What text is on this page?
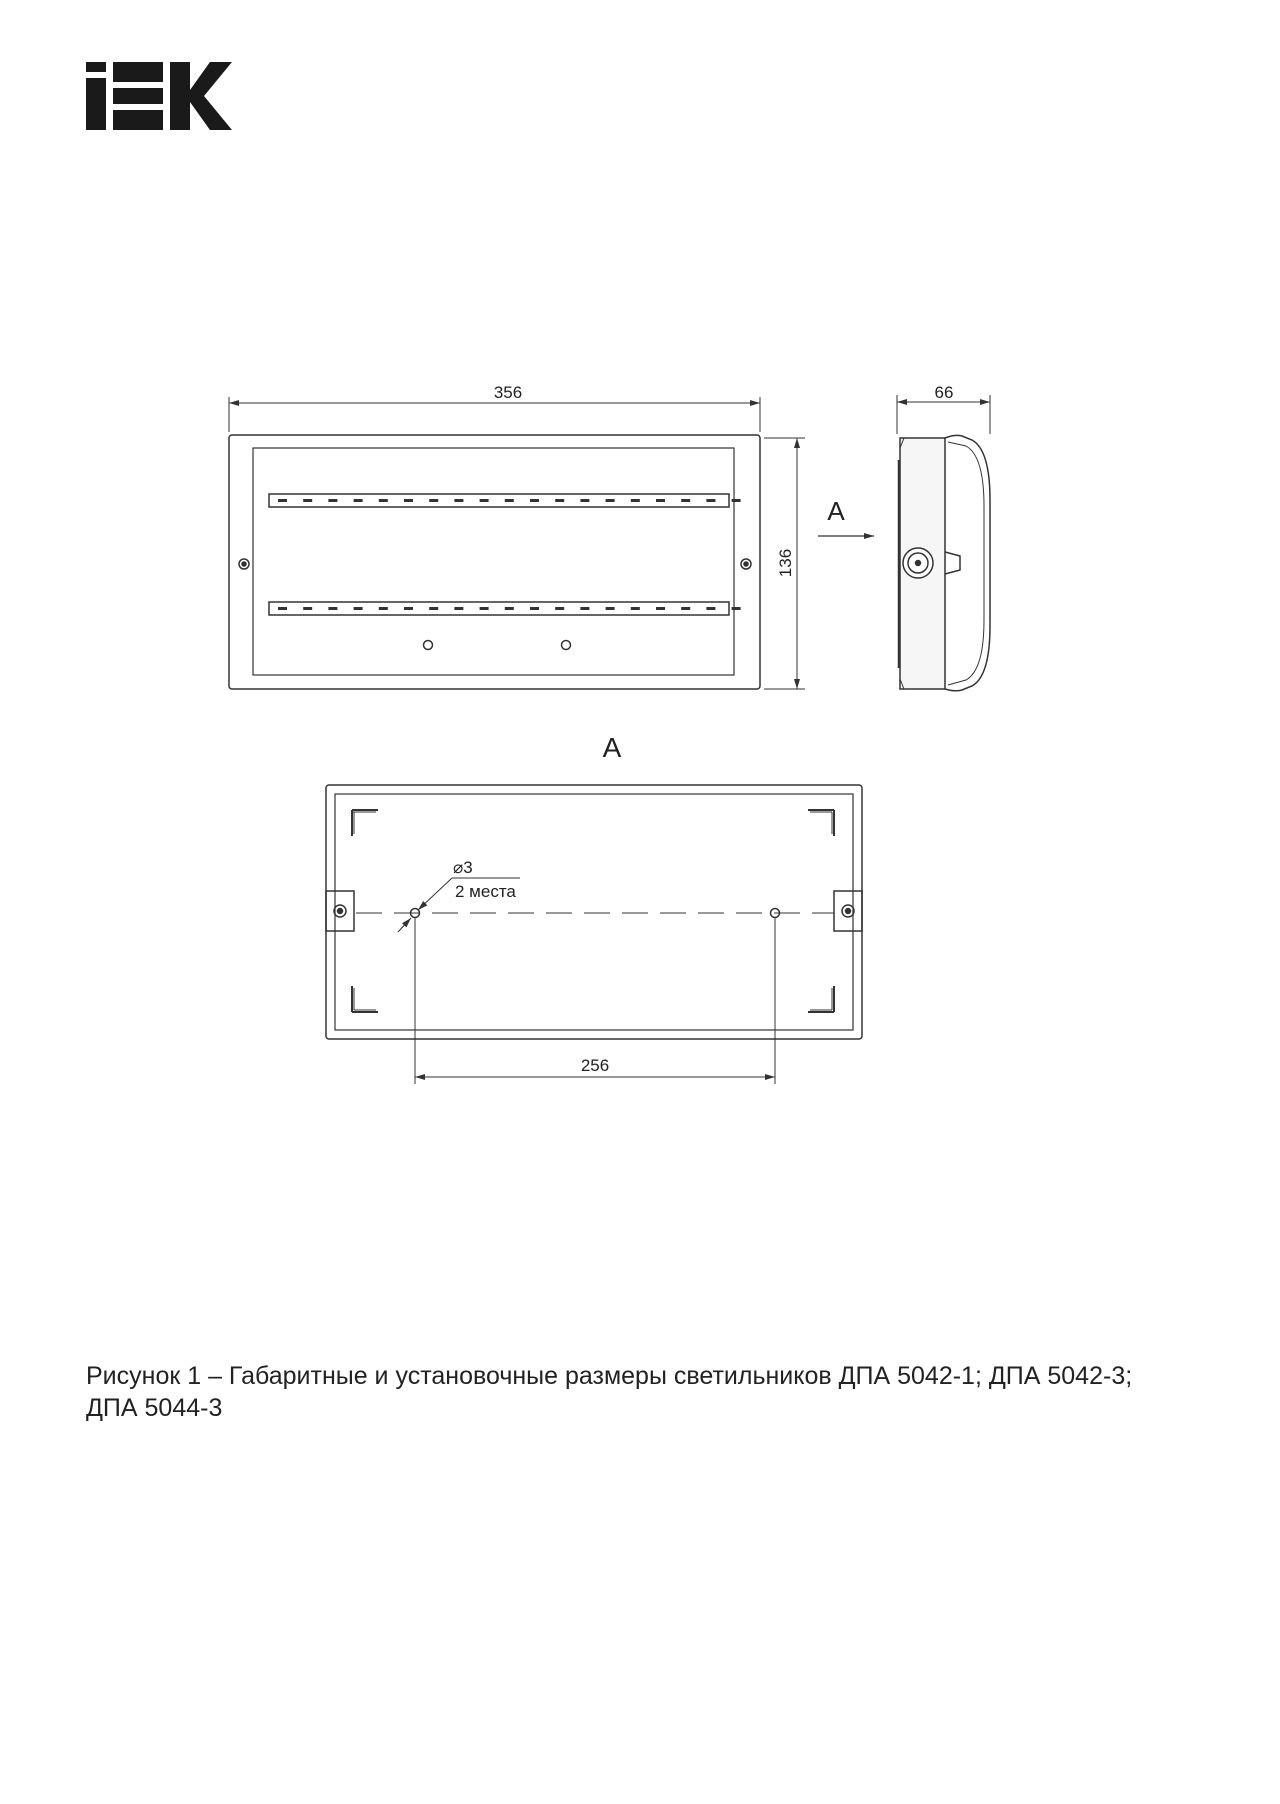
356
136
A
66
A
⌀3
2 места
256
Рисунок 1 – Габаритные и установочные размеры светильников ДПА 5042-1; ДПА 5042-3;
ДПА 5044-3
